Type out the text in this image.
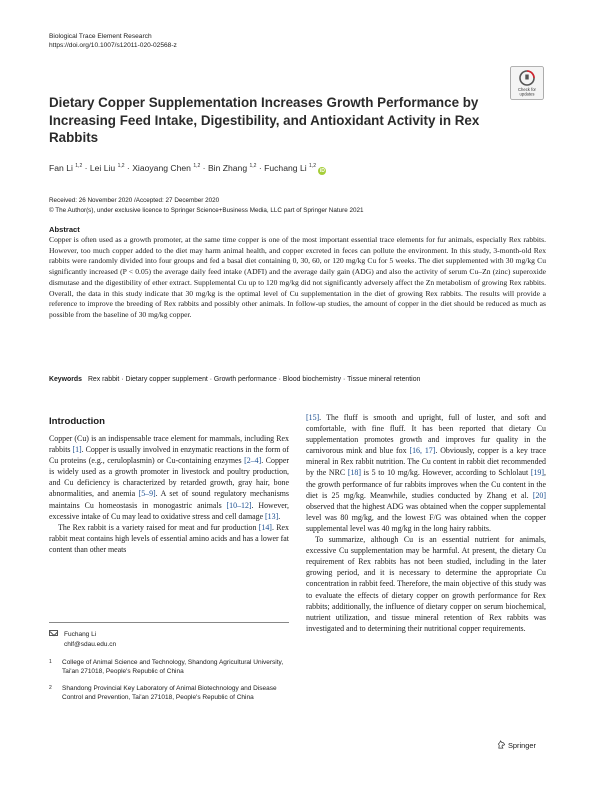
Biological Trace Element Research
https://doi.org/10.1007/s12011-020-02568-z
Check for
updates
Dietary Copper Supplementation Increases Growth Performance by Increasing Feed Intake, Digestibility, and Antioxidant Activity in Rex Rabbits
Fan Li $^{1,2}$ · Lei Liu $^{1,2}$ · Xiaoyang Chen $^{1,2}$ · Bin Zhang $^{1,2}$ · Fuchang Li $^{1,2}$ iD
Received: 26 November 2020 /Accepted: 27 December 2020
© The Author(s), under exclusive licence to Springer Science+Business Media, LLC part of Springer Nature 2021
Abstract
Copper is often used as a growth promoter, at the same time copper is one of the most important essential trace elements for fur animals, especially Rex rabbits. However, too much copper added to the diet may harm animal health, and copper excreted in feces can pollute the environment. In this study, 3-month-old Rex rabbits were randomly divided into four groups and fed a basal diet containing 0, 30, 60, or 120 mg/kg Cu for 5 weeks. The diet supplemented with 30 mg/kg Cu significantly increased (P < 0.05) the average daily feed intake (ADFI) and the average daily gain (ADG) and also the activity of serum Cu–Zn (zinc) superoxide dismutase and the digestibility of ether extract. Supplemental Cu up to 120 mg/kg did not significantly adversely affect the Zn metabolism of growing Rex rabbits. Overall, the data in this study indicate that 30 mg/kg is the optimal level of Cu supplementation in the diet of growing Rex rabbits. The results will provide a reference to improve the breeding of Rex rabbits and possibly other animals. In follow-up studies, the amount of copper in the diet should be reduced as much as possible from the baseline of 30 mg/kg copper.
Keywords Rex rabbit · Dietary copper supplement · Growth performance · Blood biochemistry · Tissue mineral retention
Introduction

Copper (Cu) is an indispensable trace element for mammals, including Rex rabbits [1]. Copper is usually involved in enzymatic reactions in the form of Cu proteins (e.g., ceruloplasmin) or Cu-containing enzymes [2–4]. Copper is widely used as a growth promoter in livestock and poultry production, and Cu deficiency is characterized by retarded growth, gray hair, bone abnormalities, and anemia [5–9]. A set of sound regulatory mechanisms maintains Cu homeostasis in monogastric animals [10–12]. However, excessive intake of Cu may lead to oxidative stress and cell damage [13].

The Rex rabbit is a variety raised for meat and fur production [14]. Rex rabbit meat contains high levels of essential amino acids and has a lower fat content than other meats

[15]. The fluff is smooth and upright, full of luster, and soft and comfortable, with fine fluff. It has been reported that dietary Cu supplementation promotes growth and improves fur quality in the carnivorous mink and blue fox [16, 17]. Obviously, copper is a key trace mineral in Rex rabbit nutrition. The Cu content in rabbit diet recommended by the NRC [18] is 5 to 10 mg/kg. However, according to Schlolaut [19], the growth performance of fur rabbits improves when the Cu content in the diet is 25 mg/kg. Meanwhile, studies conducted by Zhang et al. [20] observed that the highest ADG was obtained when the copper supplemental level was 80 mg/kg, and the lowest F/G was obtained when the copper supplemental level was 40 mg/kg in the long hairy rabbits.

To summarize, although Cu is an essential nutrient for animals, excessive Cu supplementation may be harmful. At present, the dietary Cu requirement of Rex rabbits has not been studied, including in the later growing period, and it is necessary to determine the appropriate Cu concentration in rabbit feed. Therefore, the main objective of this study was to evaluate the effects of dietary copper on growth performance for Rex rabbits; additionally, the influence of dietary copper on serum biochemical, nutrient utilization, and tissue mineral retention of Rex rabbits was investigated and to determining their nutritional copper requirements.

Fuchang Li
chlf@sdau.edu.cn
1 College of Animal Science and Technology, Shandong Agricultural University, Tai'an 271018, People's Republic of China
2 Shandong Provincial Key Laboratory of Animal Biotechnology and Disease Control and Prevention, Tai'an 271018, People's Republic of China
Springer
